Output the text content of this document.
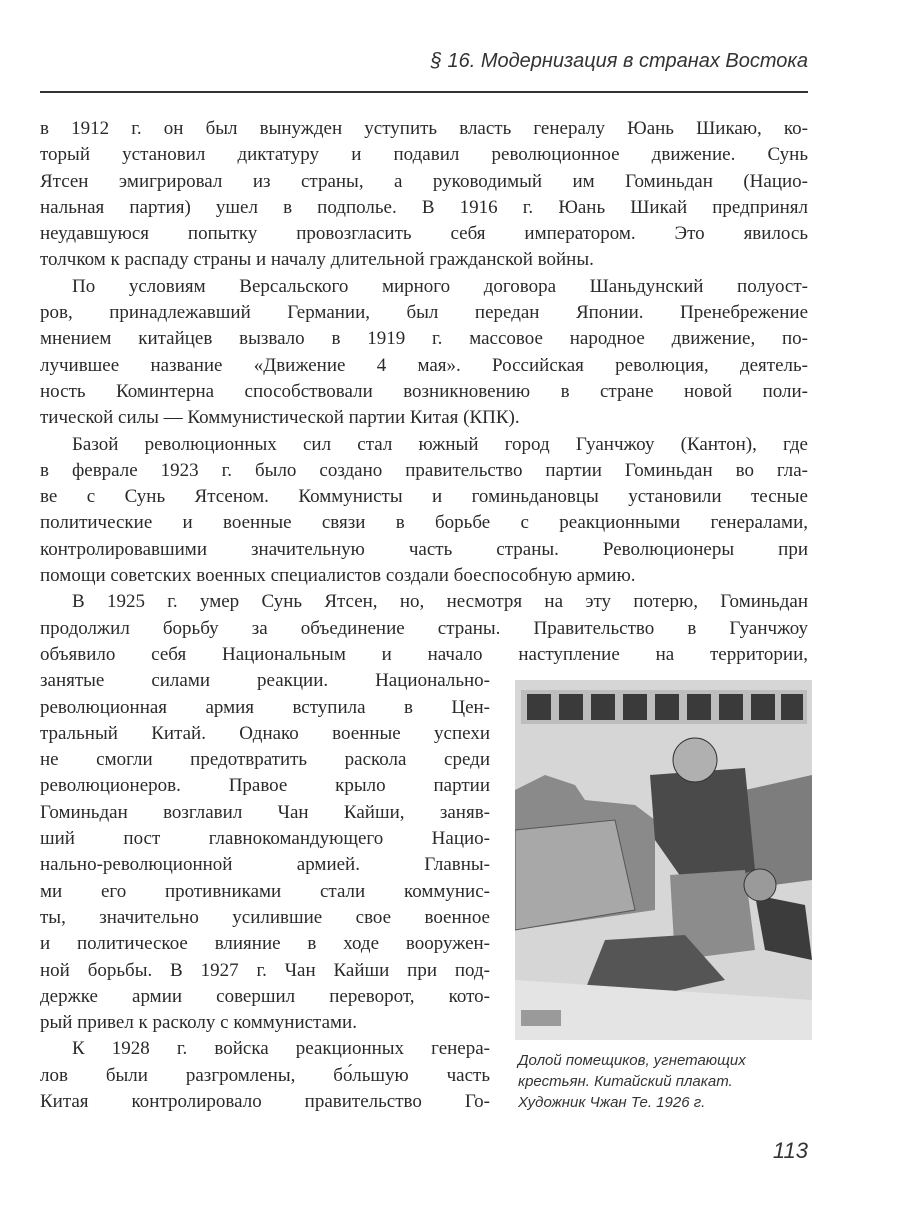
§ 16. Модернизация в странах Востока
в 1912 г. он был вынужден уступить власть генералу Юань Шикаю, ко-
торый установил диктатуру и подавил революционное движение. Сунь
Ятсен эмигрировал из страны, а руководимый им Гоминьдан (Нацио-
нальная партия) ушел в подполье. В 1916 г. Юань Шикай предпринял
неудавшуюся попытку провозгласить себя императором. Это явилось
толчком к распаду страны и началу длительной гражданской войны.
По условиям Версальского мирного договора Шаньдунский полуост-
ров, принадлежавший Германии, был передан Японии. Пренебрежение
мнением китайцев вызвало в 1919 г. массовое народное движение, по-
лучившее название «Движение 4 мая». Российская революция, деятель-
ность Коминтерна способствовали возникновению в стране новой поли-
тической силы — Коммунистической партии Китая (КПК).
Базой революционных сил стал южный город Гуанчжоу (Кантон), где
в феврале 1923 г. было создано правительство партии Гоминьдан во гла-
ве с Сунь Ятсеном. Коммунисты и гоминьдановцы установили тесные
политические и военные связи в борьбе с реакционными генералами,
контролировавшими значительную часть страны. Революционеры при
помощи советских военных специалистов создали боеспособную армию.
В 1925 г. умер Сунь Ятсен, но, несмотря на эту потерю, Гоминьдан
продолжил борьбу за объединение страны. Правительство в Гуанчжоу
объявило себя Национальным и начало наступление на территории,
занятые силами реакции. Национально-
революционная армия вступила в Цен-
тральный Китай. Однако военные успехи
не смогли предотвратить раскола среди
революционеров. Правое крыло партии
Гоминьдан возглавил Чан Кайши, заняв-
ший пост главнокомандующего Нацио-
нально-революционной армией. Главны-
ми его противниками стали коммунис-
ты, значительно усилившие свое военное
и политическое влияние в ходе вооружен-
ной борьбы. В 1927 г. Чан Кайши при под-
держке армии совершил переворот, кото-
рый привел к расколу с коммунистами.
К 1928 г. войска реакционных генера-
лов были разгромлены, бо́льшую часть
Китая контролировало правительство Го-
Долой помещиков, угнетающих
крестьян. Китайский плакат.
Художник Чжан Те. 1926 г.
113
